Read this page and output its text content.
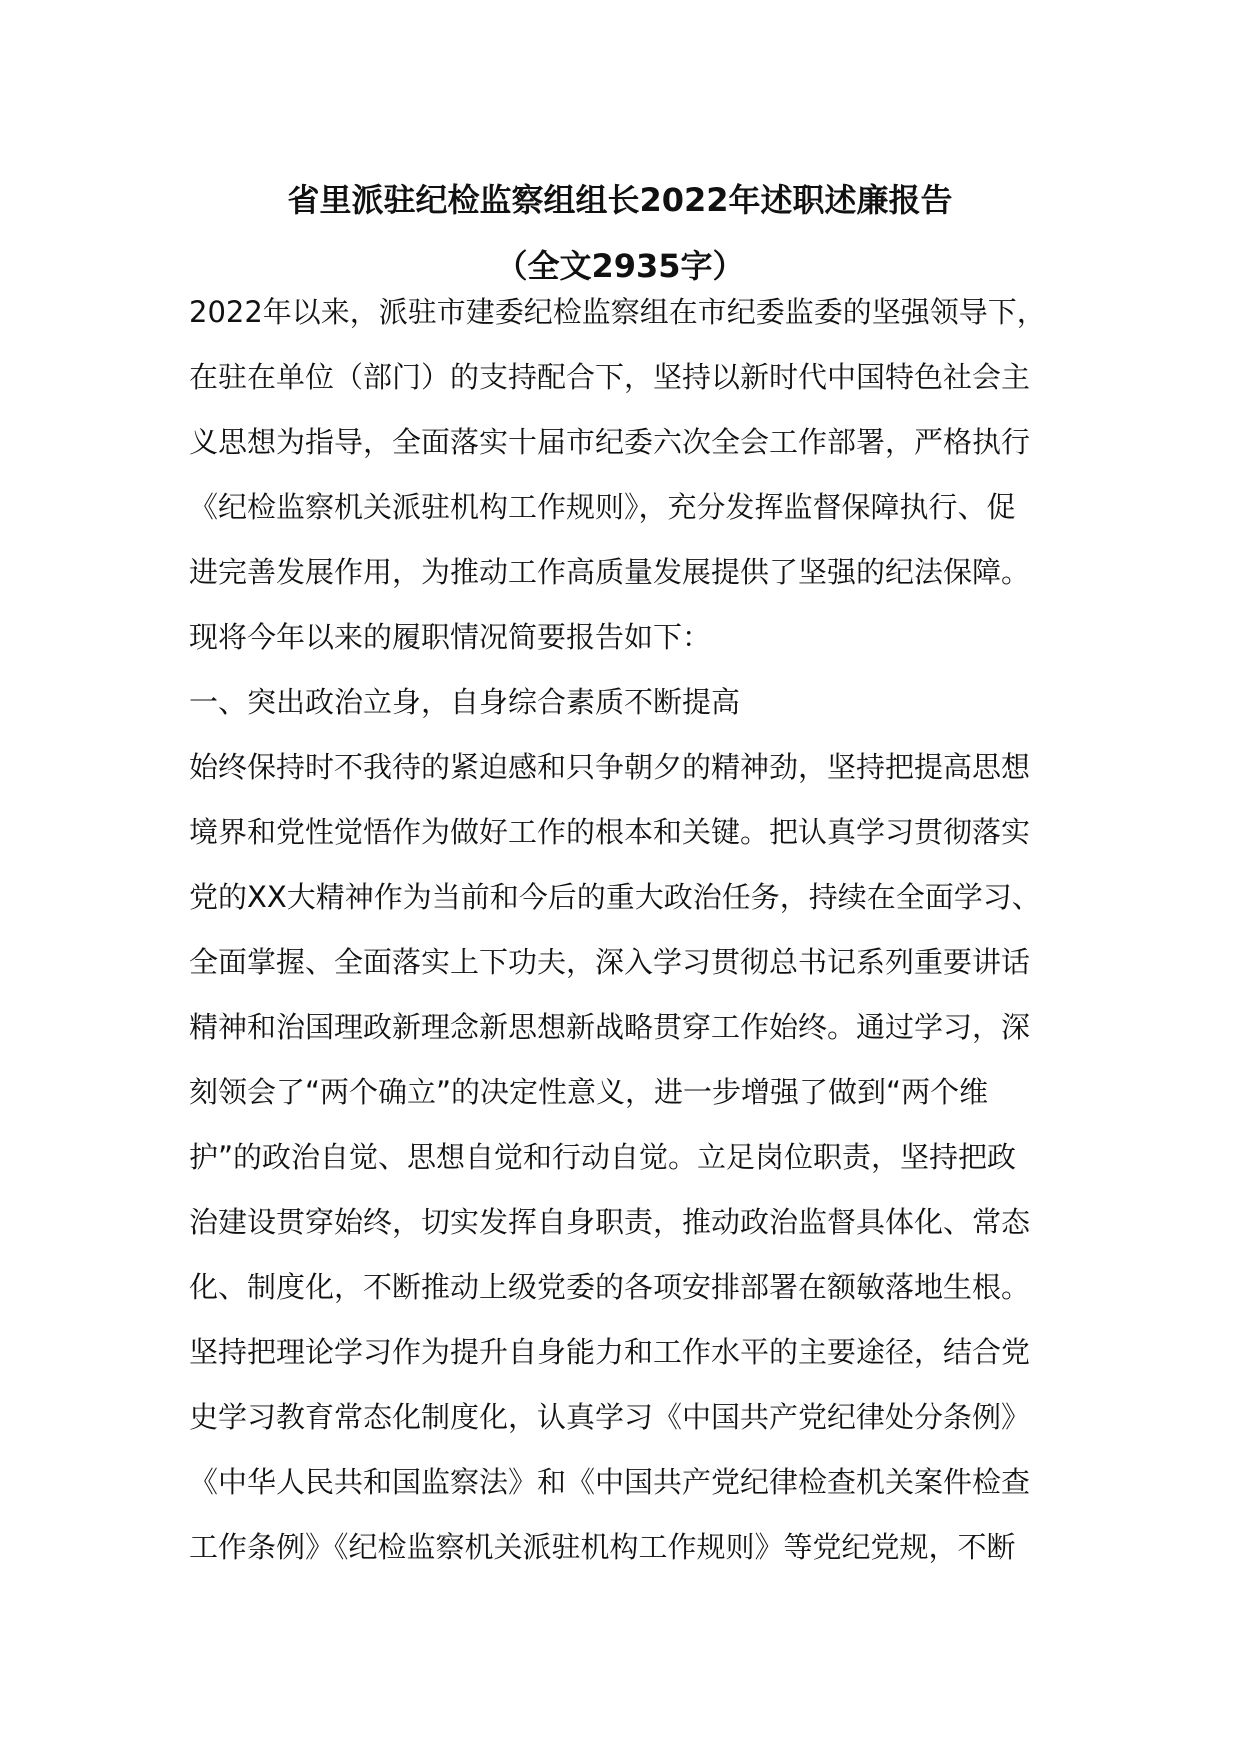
省里派驻纪检监察组组长2022年述职述廉报告
（全文2935字）
2022年以来，派驻市建委纪检监察组在市纪委监委的坚强领导下，
在驻在单位（部门）的支持配合下，坚持以新时代中国特色社会主
义思想为指导，全面落实十届市纪委六次全会工作部署，严格执行
《纪检监察机关派驻机构工作规则》，充分发挥监督保障执行、促
进完善发展作用，为推动工作高质量发展提供了坚强的纪法保障。
现将今年以来的履职情况简要报告如下：
一、突出政治立身，自身综合素质不断提高
始终保持时不我待的紧迫感和只争朝夕的精神劲，坚持把提高思想
境界和党性觉悟作为做好工作的根本和关键。把认真学习贯彻落实
党的XX大精神作为当前和今后的重大政治任务，持续在全面学习、
全面掌握、全面落实上下功夫，深入学习贯彻总书记系列重要讲话
精神和治国理政新理念新思想新战略贯穿工作始终。通过学习，深
刻领会了“两个确立”的决定性意义，进一步增强了做到“两个维
护”的政治自觉、思想自觉和行动自觉。立足岗位职责，坚持把政
治建设贯穿始终，切实发挥自身职责，推动政治监督具体化、常态
化、制度化，不断推动上级党委的各项安排部署在额敏落地生根。
坚持把理论学习作为提升自身能力和工作水平的主要途径，结合党
史学习教育常态化制度化，认真学习《中国共产党纪律处分条例》
《中华人民共和国监察法》和《中国共产党纪律检查机关案件检查
工作条例》《纪检监察机关派驻机构工作规则》等党纪党规，不断
